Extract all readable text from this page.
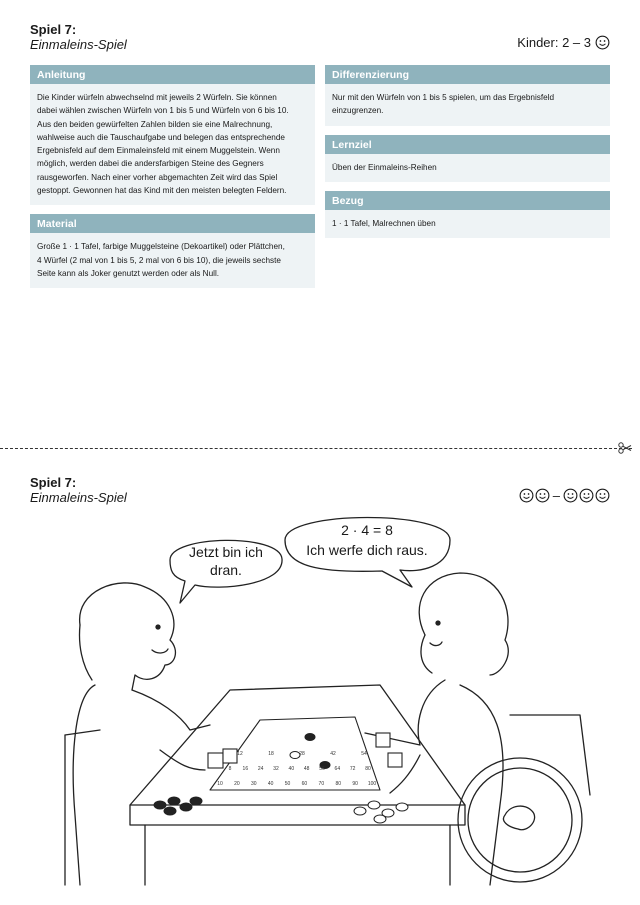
Spiel 7:
Einmaleins-Spiel	Kinder: 2 – 3
Anleitung
Die Kinder würfeln abwechselnd mit jeweils 2 Würfeln. Sie können
dabei wählen zwischen Würfeln von 1 bis 5 und Würfeln von 6 bis 10.
Aus den beiden gewürfelten Zahlen bilden sie eine Malrechnung,
wahlweise auch die Tauschaufgabe und belegen das entsprechende
Ergebnisfeld auf dem Einmaleinsfeld mit einem Muggelstein. Wenn
möglich, werden dabei die andersfarbigen Steine des Gegners
rausgeworfen. Nach einer vorher abgemachten Zeit wird das Spiel
gestoppt. Gewonnen hat das Kind mit den meisten belegten Feldern.
Material
Große 1 · 1 Tafel, farbige Muggelsteine (Dekoartikel) oder Plättchen,
4 Würfel (2 mal von 1 bis 5, 2 mal von 6 bis 10), die jeweils sechste
Seite kann als Joker genutzt werden oder als Null.
Differenzierung
Nur mit den Würfeln von 1 bis 5 spielen, um das Ergebnisfeld
einzugrenzen.
Lernziel
Üben der Einmaleins-Reihen
Bezug
1 · 1 Tafel, Malrechnen üben
Spiel 7:
Einmaleins-Spiel	–
Jetzt bin ich
dran.
2 · 4 = 8
Ich werfe dich raus.
10 20 30 40 50 60 70 80 90 100
8 16 24 32 40 48 56 64 72 80
12	18	28	42	54
